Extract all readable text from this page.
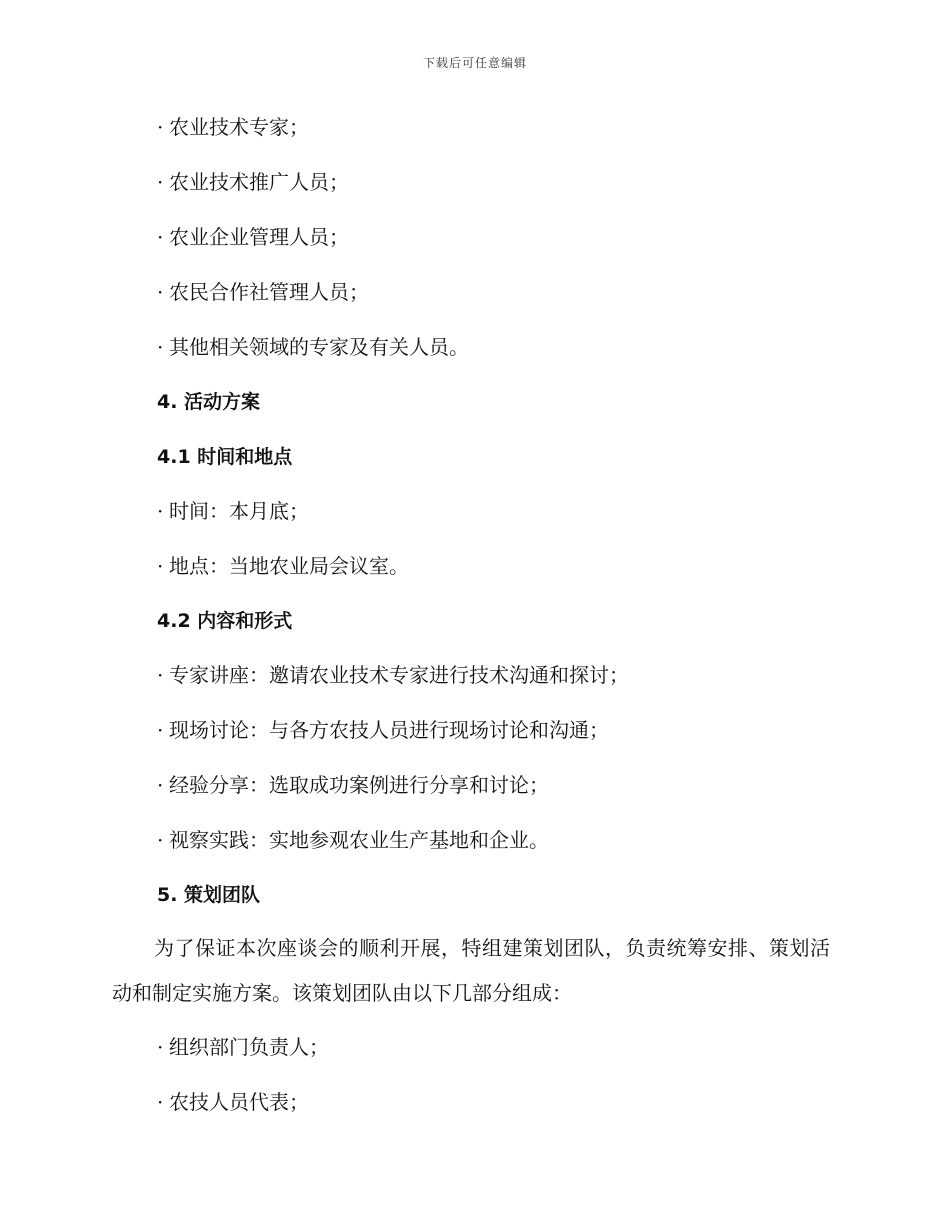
下载后可任意编辑
· 农业技术专家；
· 农业技术推广人员；
· 农业企业管理人员；
· 农民合作社管理人员；
· 其他相关领域的专家及有关人员。
4. 活动方案
4.1 时间和地点
· 时间：本月底；
· 地点：当地农业局会议室。
4.2 内容和形式
· 专家讲座：邀请农业技术专家进行技术沟通和探讨；
· 现场讨论：与各方农技人员进行现场讨论和沟通；
· 经验分享：选取成功案例进行分享和讨论；
· 视察实践：实地参观农业生产基地和企业。
5. 策划团队
为了保证本次座谈会的顺利开展，特组建策划团队，负责统筹安排、策划活动和制定实施方案。该策划团队由以下几部分组成：
· 组织部门负责人；
· 农技人员代表；
